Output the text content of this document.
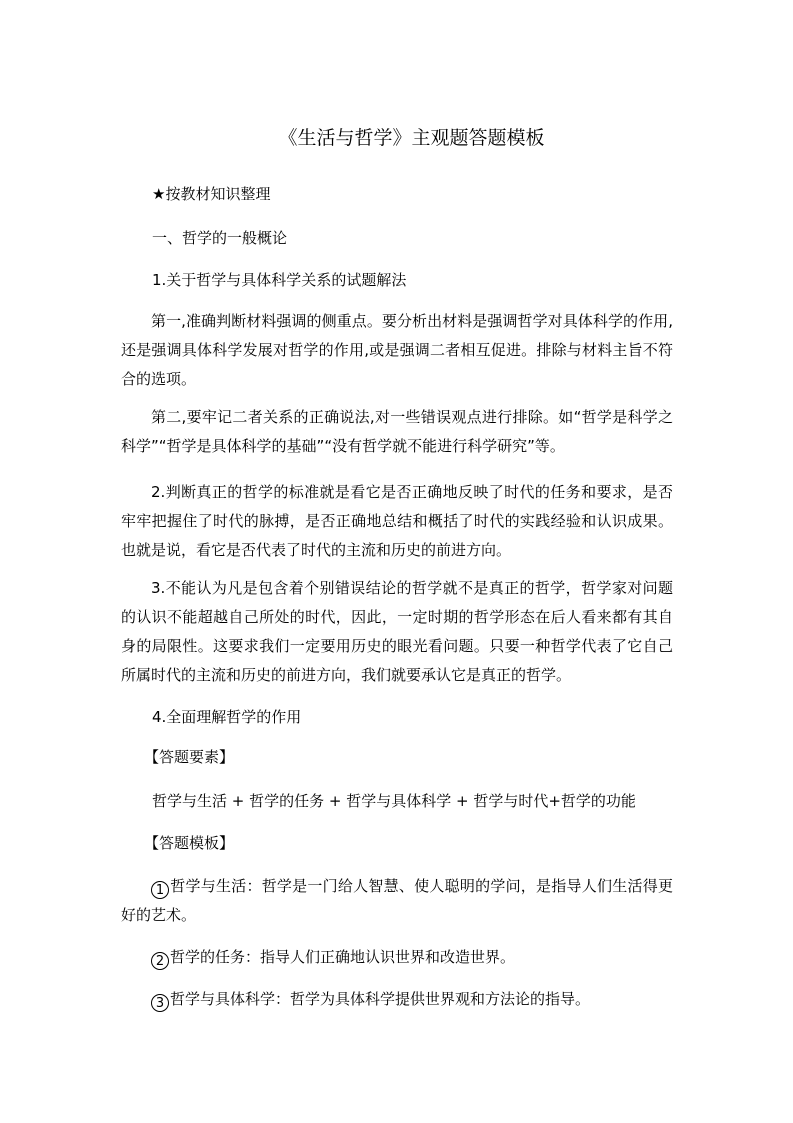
《生活与哲学》主观题答题模板
★按教材知识整理
一、哲学的一般概论
1.关于哲学与具体科学关系的试题解法
第一,准确判断材料强调的侧重点。要分析出材料是强调哲学对具体科学的作用,还是强调具体科学发展对哲学的作用,或是强调二者相互促进。排除与材料主旨不符合的选项。
第二,要牢记二者关系的正确说法,对一些错误观点进行排除。如“哲学是科学之科学”“哲学是具体科学的基础”“没有哲学就不能进行科学研究”等。
2.判断真正的哲学的标准就是看它是否正确地反映了时代的任务和要求，是否牢牢把握住了时代的脉搏，是否正确地总结和概括了时代的实践经验和认识成果。也就是说，看它是否代表了时代的主流和历史的前进方向。
3.不能认为凡是包含着个别错误结论的哲学就不是真正的哲学，哲学家对问题的认识不能超越自己所处的时代，因此，一定时期的哲学形态在后人看来都有其自身的局限性。这要求我们一定要用历史的眼光看问题。只要一种哲学代表了它自己所属时代的主流和历史的前进方向，我们就要承认它是真正的哲学。
4.全面理解哲学的作用
【答题要素】
哲学与生活 + 哲学的任务 + 哲学与具体科学 + 哲学与时代+哲学的功能
【答题模板】
1 哲学与生活：哲学是一门给人智慧、使人聪明的学问，是指导人们生活得更好的艺术。
2 哲学的任务：指导人们正确地认识世界和改造世界。
3 哲学与具体科学：哲学为具体科学提供世界观和方法论的指导。
